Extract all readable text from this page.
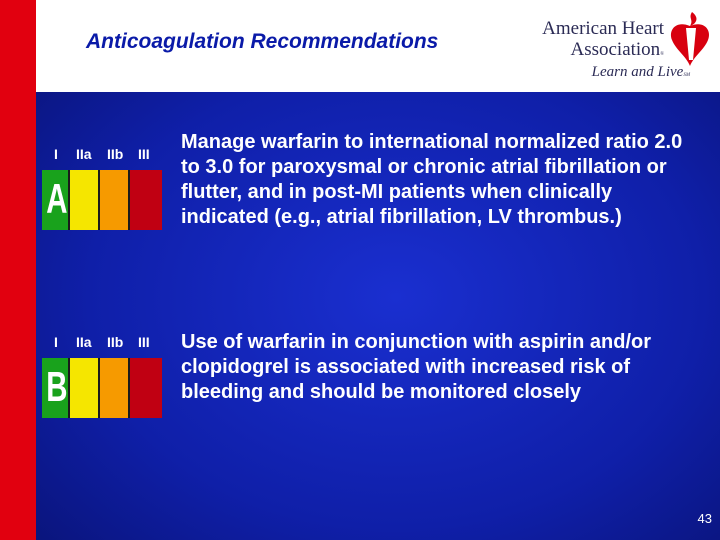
Anticoagulation Recommendations
American Heart
Association®
Learn and LiveSM
I IIa IIb III
A
Manage warfarin to international normalized ratio 2.0 to 3.0 for paroxysmal or chronic atrial fibrillation or flutter, and in post-MI patients when clinically indicated (e.g., atrial fibrillation, LV thrombus.)
I IIa IIb III
B
Use of warfarin in conjunction with aspirin and/or clopidogrel is associated with increased risk of bleeding and should be monitored closely
43
